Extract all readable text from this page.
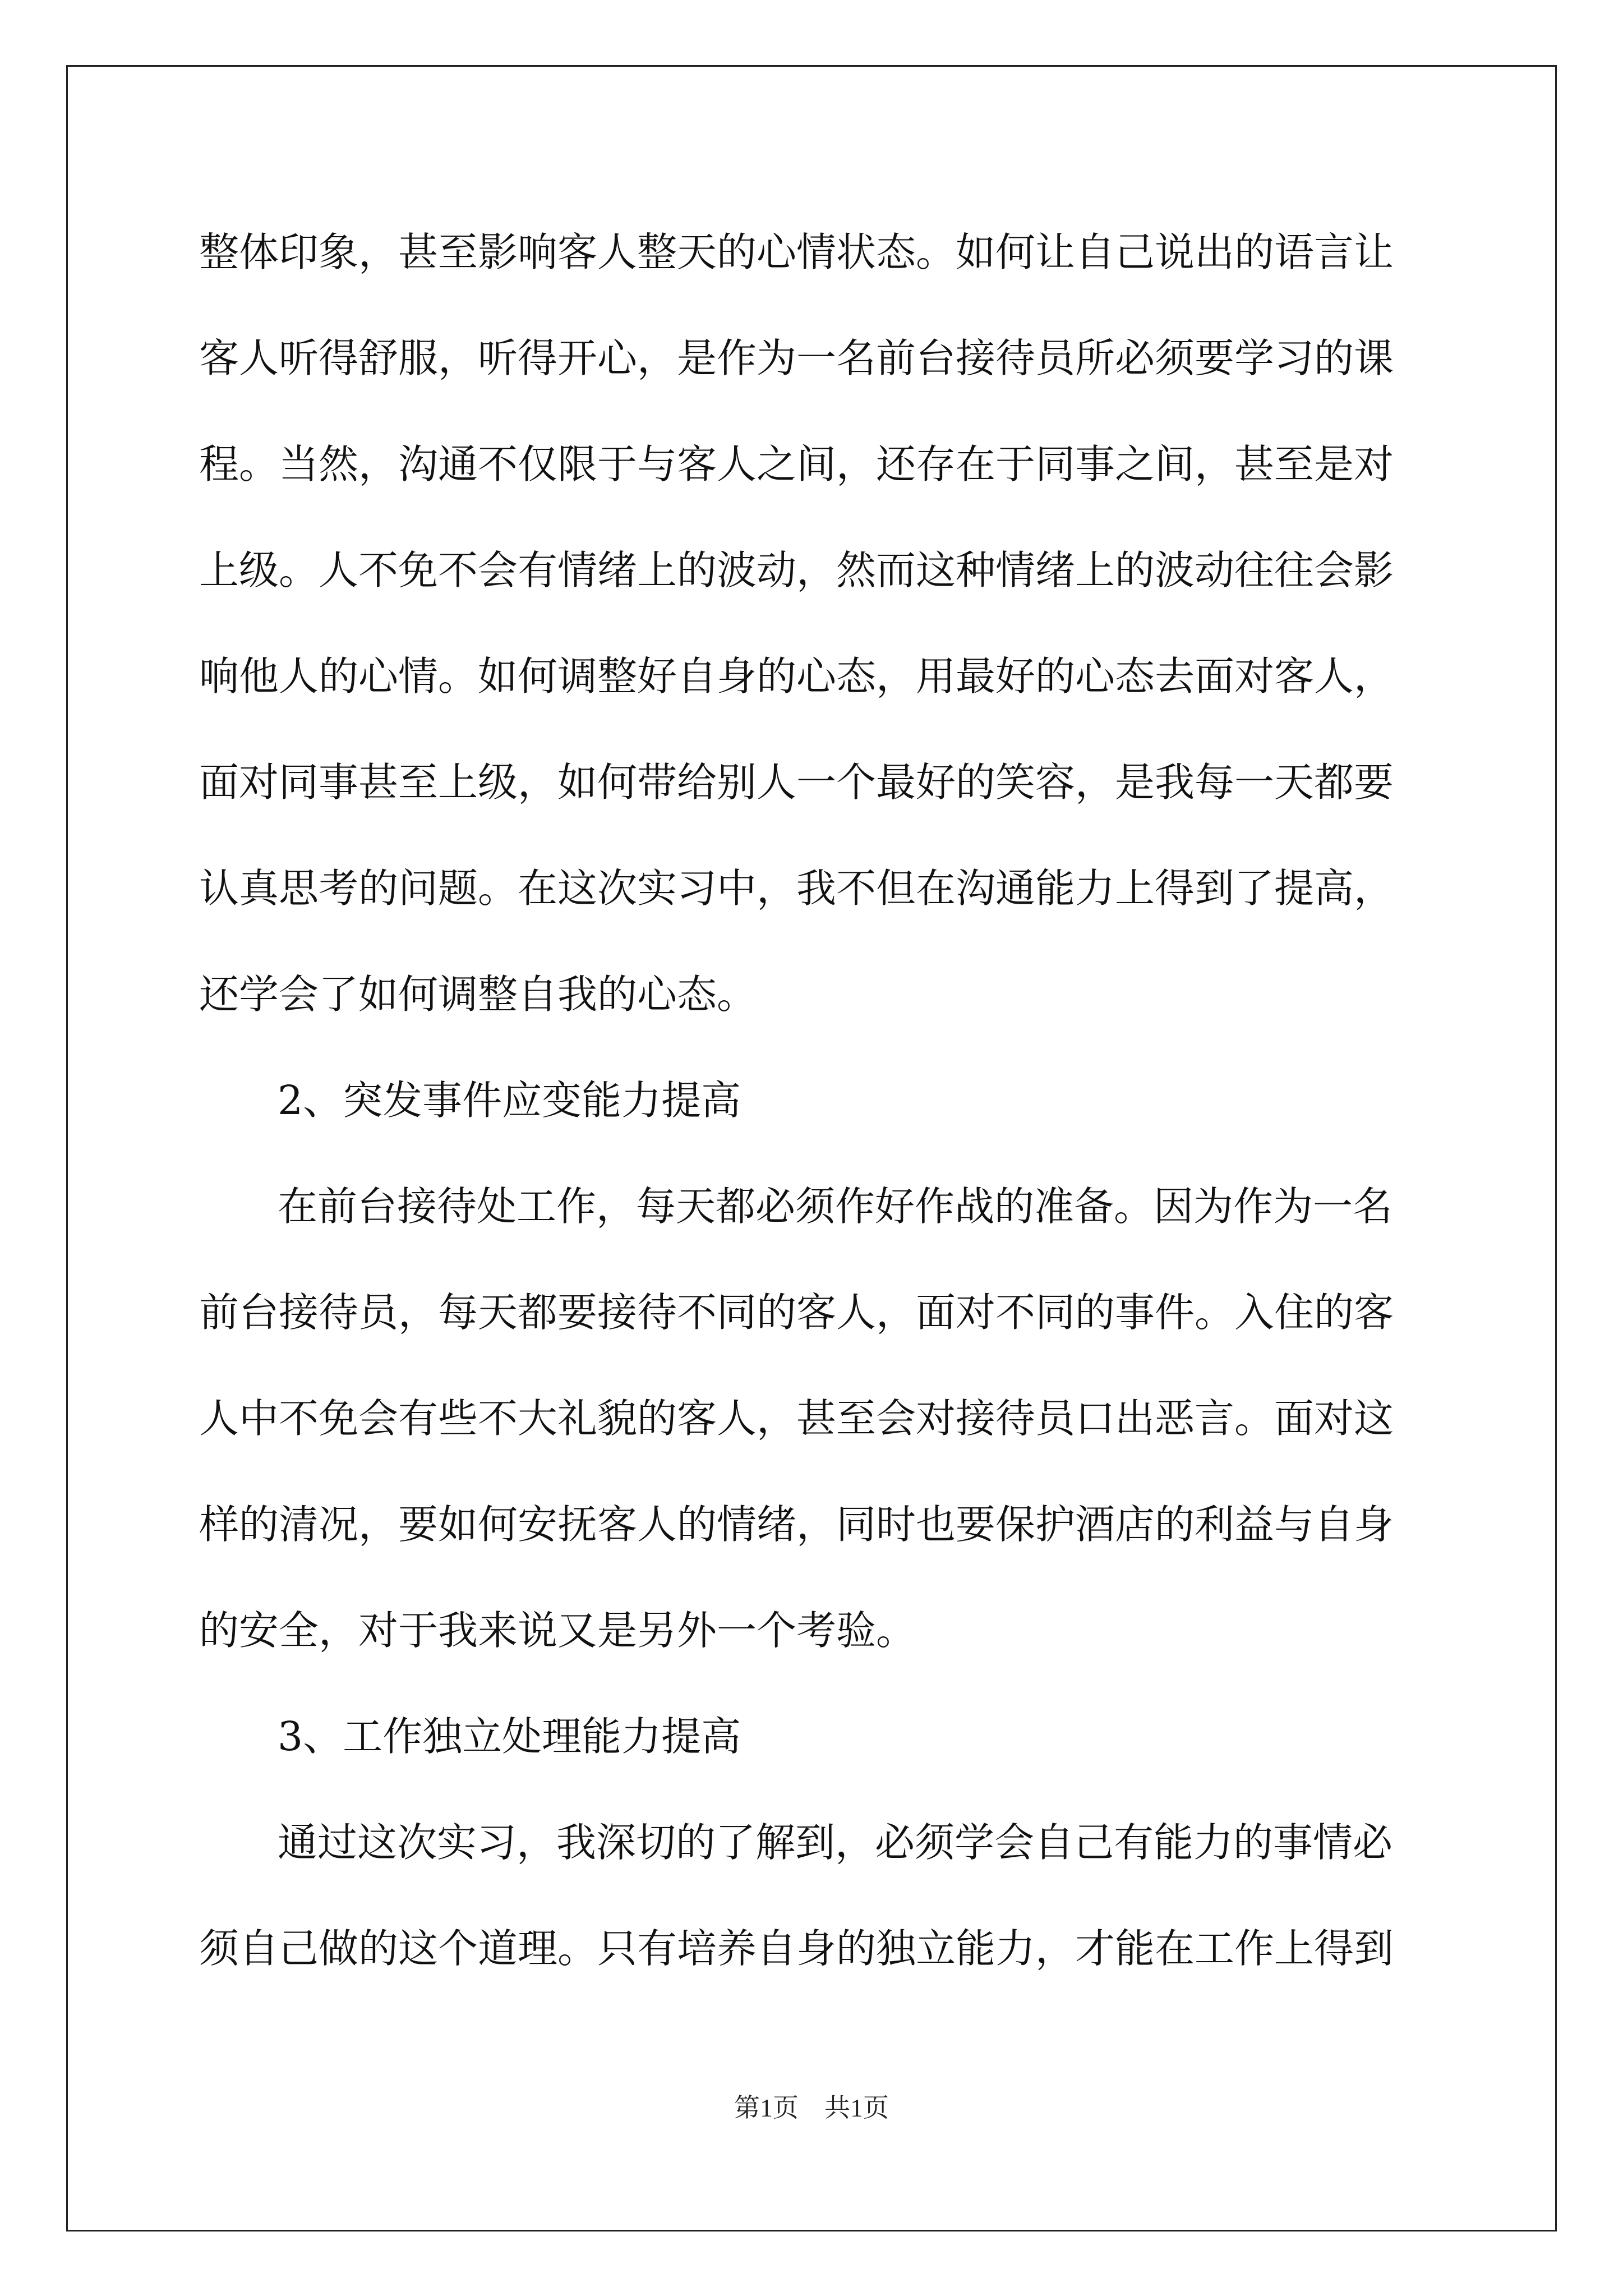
整体印象，甚至影响客人整天的心情状态。如何让自己说出的语言让
客人听得舒服，听得开心，是作为一名前台接待员所必须要学习的课
程。当然，沟通不仅限于与客人之间，还存在于同事之间，甚至是对
上级。人不免不会有情绪上的波动，然而这种情绪上的波动往往会影
响他人的心情。如何调整好自身的心态，用最好的心态去面对客人，
面对同事甚至上级，如何带给别人一个最好的笑容，是我每一天都要
认真思考的问题。在这次实习中，我不但在沟通能力上得到了提高，
还学会了如何调整自我的心态。
2、突发事件应变能力提高
在前台接待处工作，每天都必须作好作战的准备。因为作为一名
前台接待员，每天都要接待不同的客人，面对不同的事件。入住的客
人中不免会有些不大礼貌的客人，甚至会对接待员口出恶言。面对这
样的清况，要如何安抚客人的情绪，同时也要保护酒店的利益与自身
的安全，对于我来说又是另外一个考验。
3、工作独立处理能力提高
通过这次实习，我深切的了解到，必须学会自己有能力的事情必
须自己做的这个道理。只有培养自身的独立能力，才能在工作上得到
第1页　共1页
